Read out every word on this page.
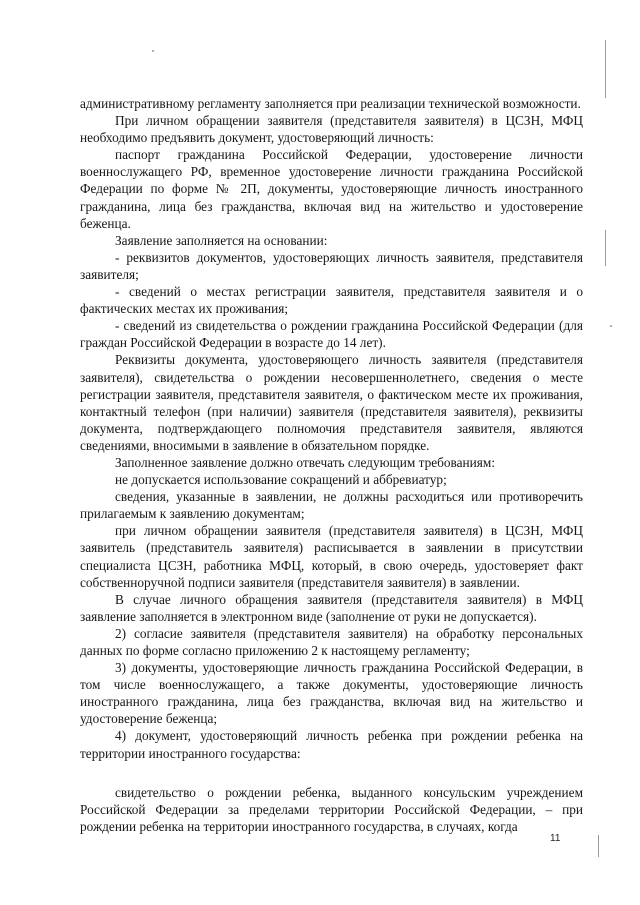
административному регламенту заполняется при реализации технической возможности.

При личном обращении заявителя (представителя заявителя) в ЦСЗН, МФЦ необходимо предъявить документ, удостоверяющий личность:

паспорт гражданина Российской Федерации, удостоверение личности военнослужащего РФ, временное удостоверение личности гражданина Российской Федерации по форме № 2П, документы, удостоверяющие личность иностранного гражданина, лица без гражданства, включая вид на жительство и удостоверение беженца.

Заявление заполняется на основании:

- реквизитов документов, удостоверяющих личность заявителя, представителя заявителя;

- сведений о местах регистрации заявителя, представителя заявителя и о фактических местах их проживания;

- сведений из свидетельства о рождении гражданина Российской Федерации (для граждан Российской Федерации в возрасте до 14 лет).

Реквизиты документа, удостоверяющего личность заявителя (представителя заявителя), свидетельства о рождении несовершеннолетнего, сведения о месте регистрации заявителя, представителя заявителя, о фактическом месте их проживания, контактный телефон (при наличии) заявителя (представителя заявителя), реквизиты документа, подтверждающего полномочия представителя заявителя, являются сведениями, вносимыми в заявление в обязательном порядке.

Заполненное заявление должно отвечать следующим требованиям:

не допускается использование сокращений и аббревиатур;

сведения, указанные в заявлении, не должны расходиться или противоречить прилагаемым к заявлению документам;

при личном обращении заявителя (представителя заявителя) в ЦСЗН, МФЦ заявитель (представитель заявителя) расписывается в заявлении в присутствии специалиста ЦСЗН, работника МФЦ, который, в свою очередь, удостоверяет факт собственноручной подписи заявителя (представителя заявителя) в заявлении.

В случае личного обращения заявителя (представителя заявителя) в МФЦ заявление заполняется в электронном виде (заполнение от руки не допускается).

2) согласие заявителя (представителя заявителя) на обработку персональных данных по форме согласно приложению 2 к настоящему регламенту;

3) документы, удостоверяющие личность гражданина Российской Федерации, в том числе военнослужащего, а также документы, удостоверяющие личность иностранного гражданина, лица без гражданства, включая вид на жительство и удостоверение беженца;

4) документ, удостоверяющий личность ребенка при рождении ребенка на территории иностранного государства:

свидетельство о рождении ребенка, выданного консульским учреждением Российской Федерации за пределами территории Российской Федерации, – при рождении ребенка на территории иностранного государства, в случаях, когда

11
